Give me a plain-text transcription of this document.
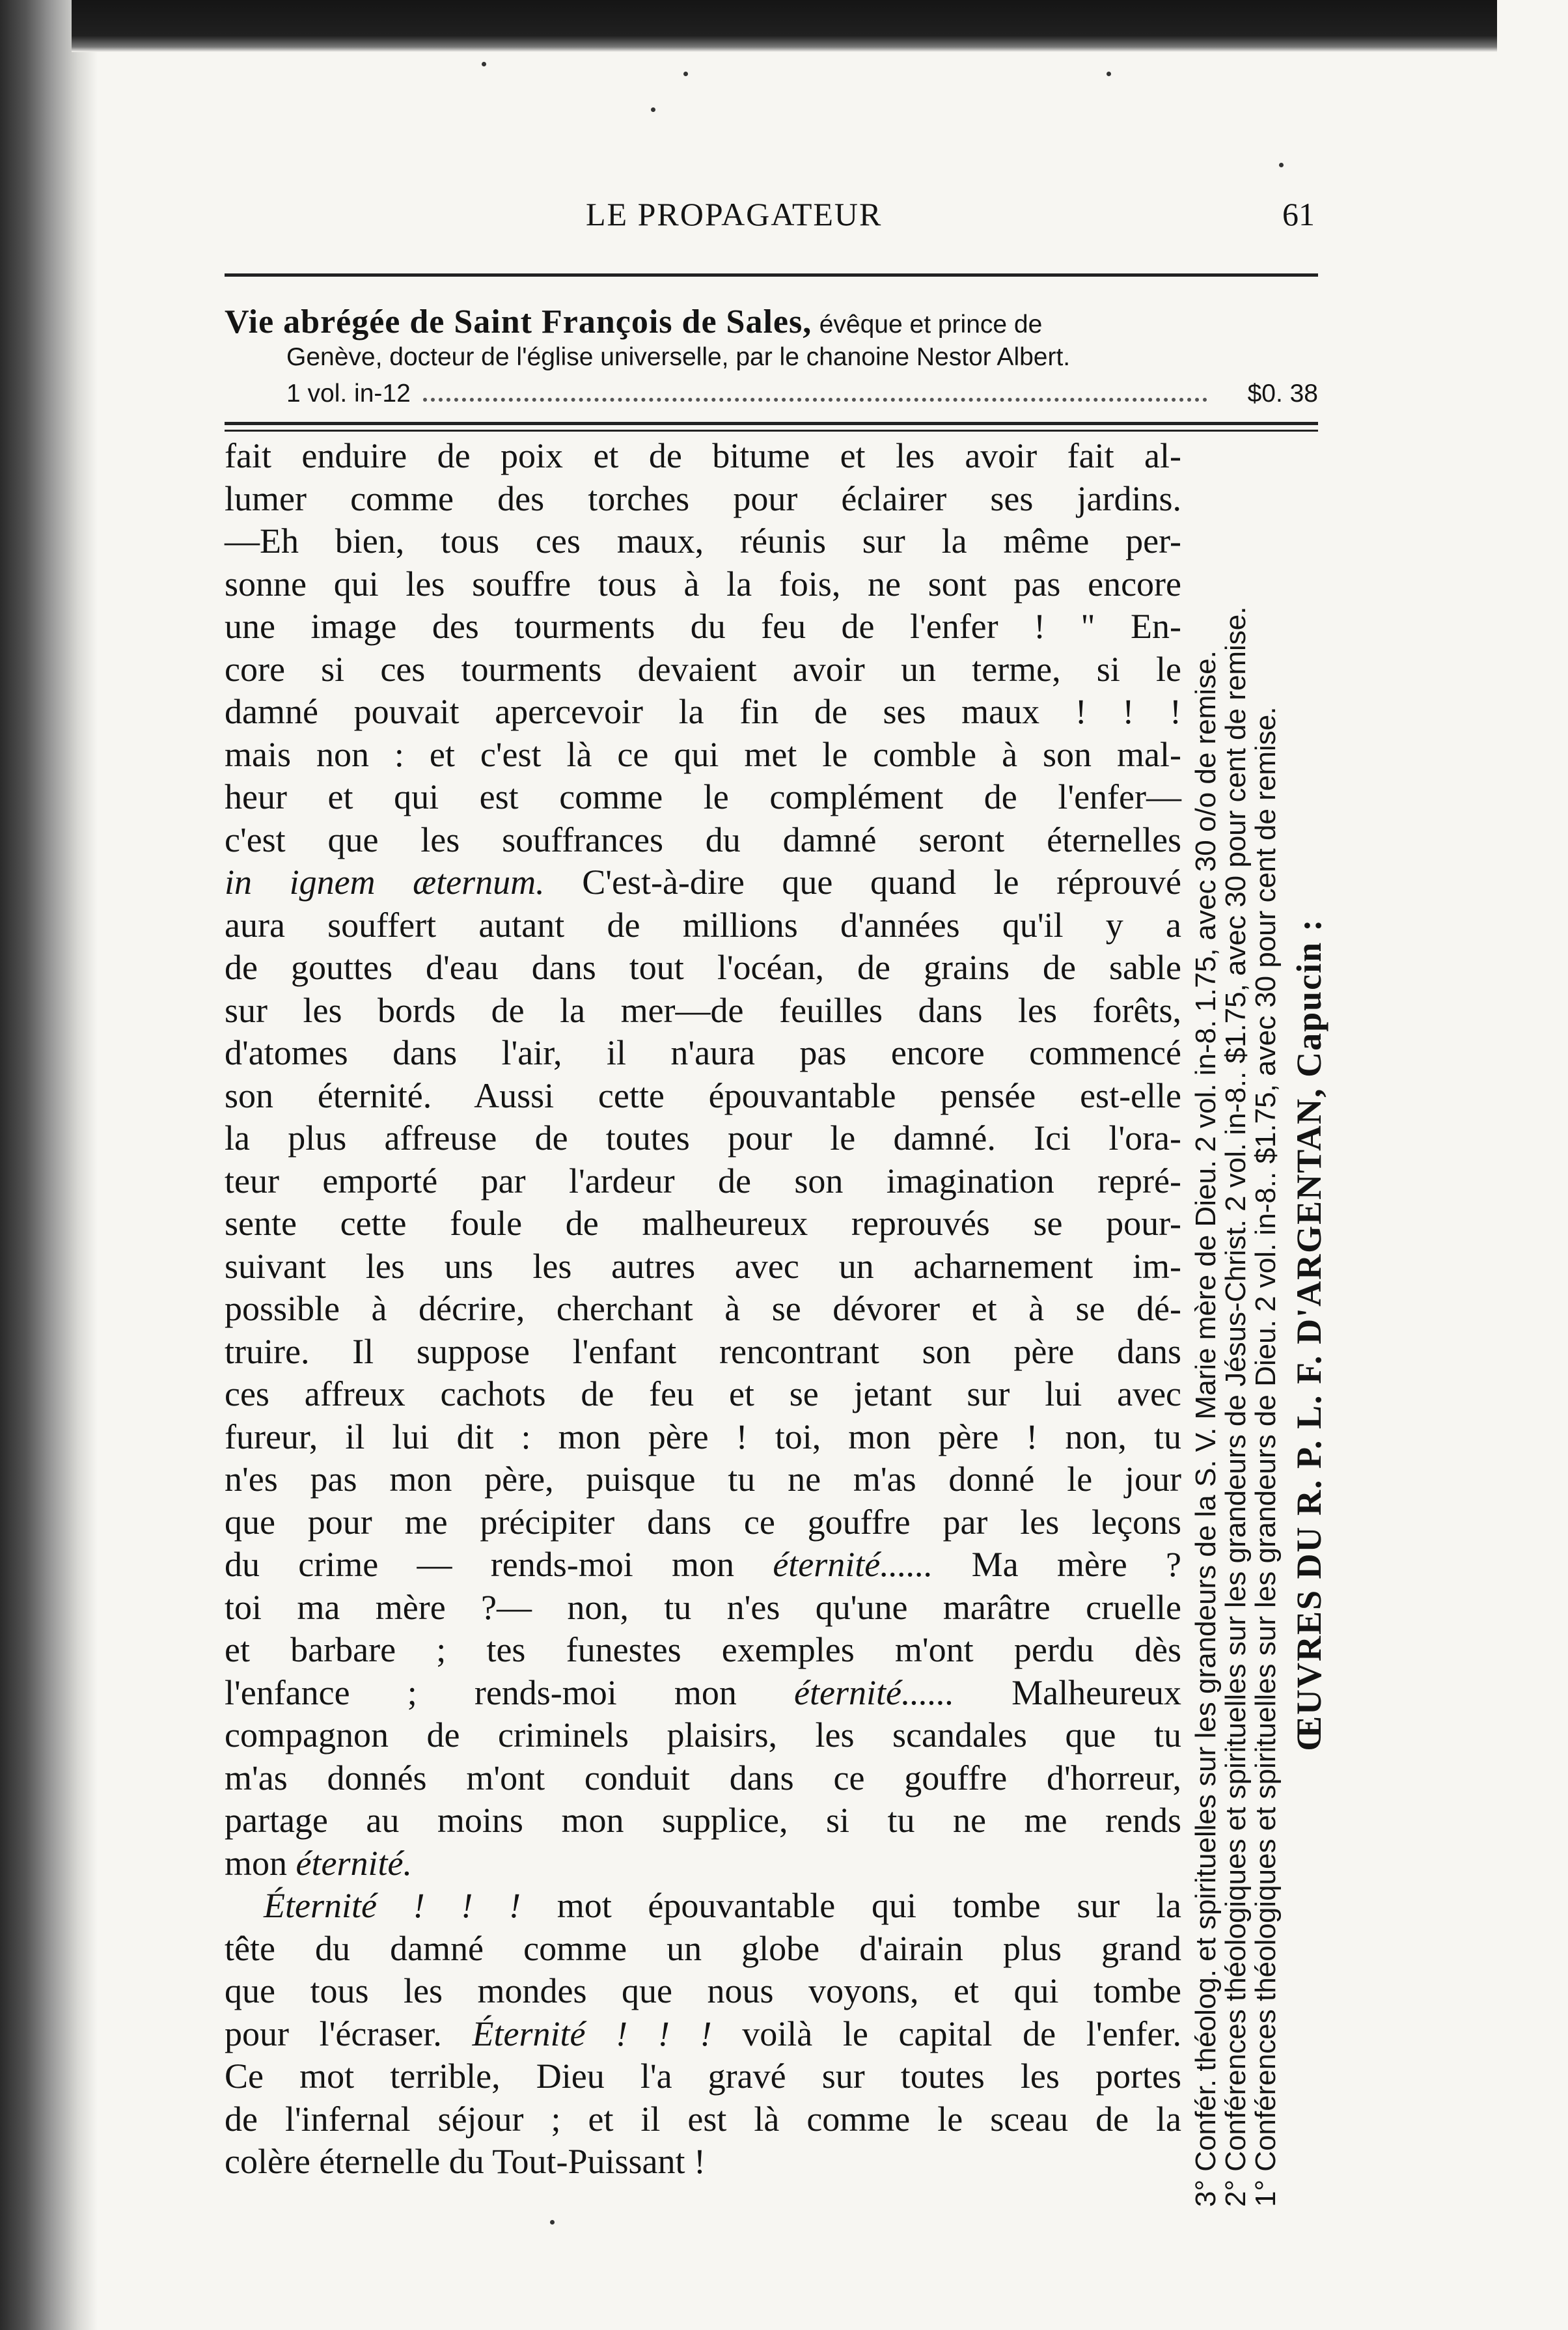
LE PROPAGATEUR	61
Vie abrégée de Saint François de Sales, évêque et prince de
Genève, docteur de l'église universelle, par le chanoine Nestor Albert.
1 vol. in-12	$0. 38
fait enduire de poix et de bitume et les avoir fait al-
lumer comme des torches pour éclairer ses jardins.
—Eh bien, tous ces maux, réunis sur la même per-
sonne qui les souffre tous à la fois, ne sont pas encore
une image des tourments du feu de l'enfer ! " En-
core si ces tourments devaient avoir un terme, si le
damné pouvait apercevoir la fin de ses maux ! ! !
mais non : et c'est là ce qui met le comble à son mal-
heur et qui est comme le complément de l'enfer—
c'est que les souffrances du damné seront éternelles
in ignem æternum. C'est-à-dire que quand le réprouvé
aura souffert autant de millions d'années qu'il y a
de gouttes d'eau dans tout l'océan, de grains de sable
sur les bords de la mer—de feuilles dans les forêts,
d'atomes dans l'air, il n'aura pas encore commencé
son éternité. Aussi cette épouvantable pensée est-elle
la plus affreuse de toutes pour le damné. Ici l'ora-
teur emporté par l'ardeur de son imagination repré-
sente cette foule de malheureux reprouvés se pour-
suivant les uns les autres avec un acharnement im-
possible à décrire, cherchant à se dévorer et à se dé-
truire. Il suppose l'enfant rencontrant son père dans
ces affreux cachots de feu et se jetant sur lui avec
fureur, il lui dit : mon père ! toi, mon père ! non, tu
n'es pas mon père, puisque tu ne m'as donné le jour
que pour me précipiter dans ce gouffre par les leçons
du crime — rends-moi mon éternité...... Ma mère ?
toi ma mère ?— non, tu n'es qu'une marâtre cruelle
et barbare ; tes funestes exemples m'ont perdu dès
l'enfance ; rends-moi mon éternité...... Malheureux
compagnon de criminels plaisirs, les scandales que tu
m'as donnés m'ont conduit dans ce gouffre d'horreur,
partage au moins mon supplice, si tu ne me rends
mon éternité.
Éternité ! ! ! mot épouvantable qui tombe sur la
tête du damné comme un globe d'airain plus grand
que tous les mondes que nous voyons, et qui tombe
pour l'écraser. Éternité ! ! ! voilà le capital de l'enfer.
Ce mot terrible, Dieu l'a gravé sur toutes les portes
de l'infernal séjour ; et il est là comme le sceau de la
colère éternelle du Tout-Puissant !
ŒUVRES DU R. P. L. F. D'ARGENTAN, Capucin :
1° Conférences théologiques et spirituelles sur les grandeurs de Dieu. 2 vol. in-8.. $1.75, avec 30 pour cent de remise.
2° Conférences théologiques et spirituelles sur les grandeurs de Jésus-Christ. 2 vol. in-8.. $1.75, avec 30 pour cent de remise.
3° Confér. théolog. et spirituelles sur les grandeurs de la S. V. Marie mère de Dieu. 2 vol. in-8. 1.75, avec 30 o/o de remise.
